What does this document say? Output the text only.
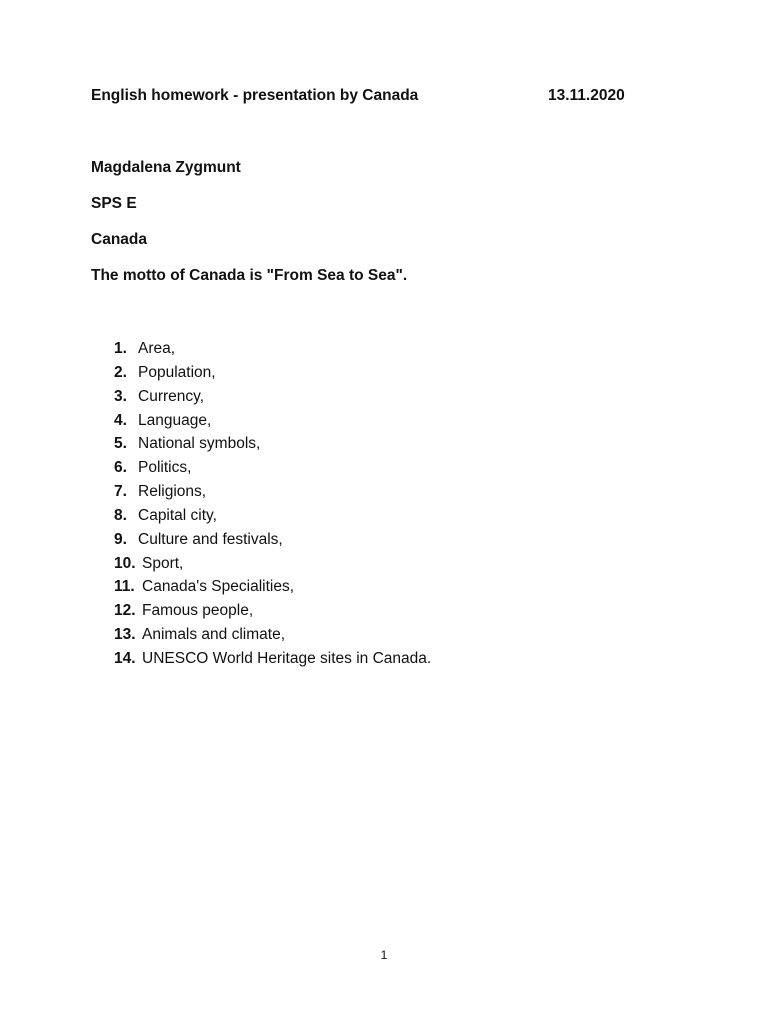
English homework - presentation by Canada	13.11.2020
Magdalena Zygmunt
SPS E
Canada
The motto of Canada is "From Sea to Sea".
1. Area,
2. Population,
3. Currency,
4. Language,
5. National symbols,
6. Politics,
7. Religions,
8. Capital city,
9. Culture and festivals,
10. Sport,
11. Canada's Specialities,
12. Famous people,
13. Animals and climate,
14. UNESCO World Heritage sites in Canada.
1
